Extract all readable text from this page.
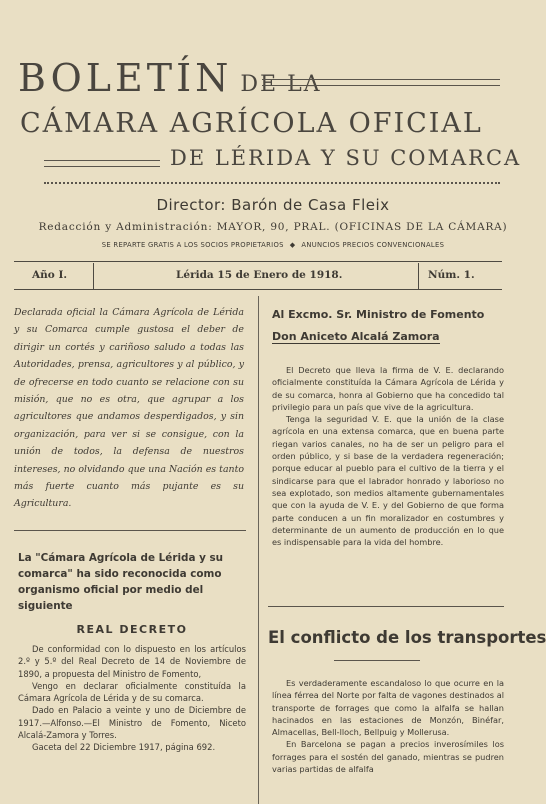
BOLETÍN DE LA
CÁMARA AGRÍCOLA OFICIAL
DE LÉRIDA Y SU COMARCA
Director: Barón de Casa Fleix
Redacción y Administración: MAYOR, 90, PRAL. (OFICINAS DE LA CÁMARA)
SE REPARTE GRATIS A LOS SOCIOS PROPIETARIOS ◆ ANUNCIOS PRECIOS CONVENCIONALES
Año I.	Lérida 15 de Enero de 1918.	Núm. 1.
Declarada oficial la Cámara Agrícola de Lérida y su Comarca cumple gustosa el deber de dirigir un cortés y cariñoso saludo a todas las Autoridades, prensa, agricultores y al público, y de ofrecerse en todo cuanto se relacione con su misión, que no es otra, que agrupar a los agricultores que andamos desperdigados, y sin organización, para ver si se consigue, con la unión de todos, la defensa de nuestros intereses, no olvidando que una Nación es tanto más fuerte cuanto más pujante es su Agricultura.
La "Cámara Agrícola de Lérida y su comarca" ha sido reconocida como organismo oficial por medio del siguiente
REAL DECRETO

De conformidad con lo dispuesto en los artículos 2.º y 5.º del Real Decreto de 14 de Noviembre de 1890, a propuesta del Ministro de Fomento,

Vengo en declarar oficialmente constituída la Cámara Agrícola de Lérida y de su comarca.

Dado en Palacio a veinte y uno de Diciembre de 1917.—Alfonso.—El Ministro de Fomento, Niceto Alcalá-Zamora y Torres.

Gaceta del 22 Diciembre 1917, página 692.

Al Excmo. Sr. Ministro de Fomento
Don Aniceto Alcalá Zamora

El Decreto que lleva la firma de V. E. declarando oficialmente constituída la Cámara Agrícola de Lérida y de su comarca, honra al Gobierno que ha concedido tal privilegio para un país que vive de la agricultura.

Tenga la seguridad V. E. que la unión de la clase agrícola en una extensa comarca, que en buena parte riegan varios canales, no ha de ser un peligro para el orden público, y si base de la verdadera regeneración; porque educar al pueblo para el cultivo de la tierra y el sindicarse para que el labrador honrado y laborioso no sea explotado, son medios altamente gubernamentales que con la ayuda de V. E. y del Gobierno de que forma parte conducen a un fin moralizador en costumbres y determinante de un aumento de producción en lo que es indispensable para la vida del hombre.

El conflicto de los transportes

Es verdaderamente escandaloso lo que ocurre en la línea férrea del Norte por falta de vagones destinados al transporte de forrages que como la alfalfa se hallan hacinados en las estaciones de Monzón, Binéfar, Almacellas, Bell-lloch, Bellpuig y Mollerusa.

En Barcelona se pagan a precios inverosímiles los forrages para el sostén del ganado, mientras se pudren varias partidas de alfalfa
